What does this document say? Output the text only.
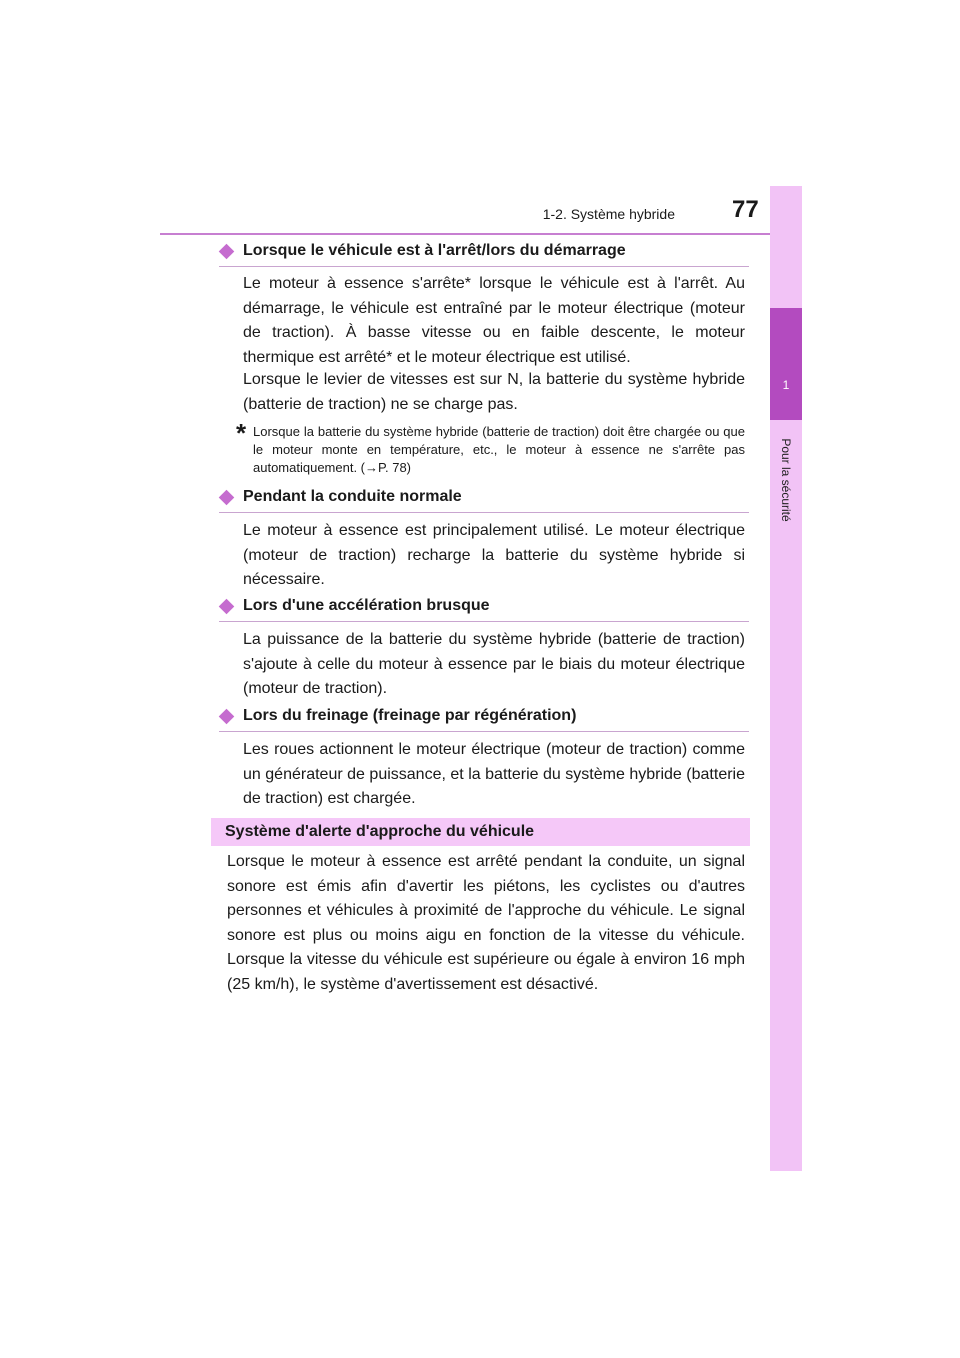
1-2. Système hybride 77
1
Pour la sécurité
Lorsque le véhicule est à l'arrêt/lors du démarrage
Le moteur à essence s'arrête* lorsque le véhicule est à l'arrêt. Au démarrage, le véhicule est entraîné par le moteur électrique (moteur de traction). À basse vitesse ou en faible descente, le moteur thermique est arrêté* et le moteur électrique est utilisé.
Lorsque le levier de vitesses est sur N, la batterie du système hybride (batterie de traction) ne se charge pas.
* Lorsque la batterie du système hybride (batterie de traction) doit être chargée ou que le moteur monte en température, etc., le moteur à essence ne s'arrête pas automatiquement. (→P. 78)
Pendant la conduite normale
Le moteur à essence est principalement utilisé. Le moteur électrique (moteur de traction) recharge la batterie du système hybride si nécessaire.
Lors d'une accélération brusque
La puissance de la batterie du système hybride (batterie de traction) s'ajoute à celle du moteur à essence par le biais du moteur électrique (moteur de traction).
Lors du freinage (freinage par régénération)
Les roues actionnent le moteur électrique (moteur de traction) comme un générateur de puissance, et la batterie du système hybride (batterie de traction) est chargée.
Système d'alerte d'approche du véhicule
Lorsque le moteur à essence est arrêté pendant la conduite, un signal sonore est émis afin d'avertir les piétons, les cyclistes ou d'autres personnes et véhicules à proximité de l'approche du véhicule. Le signal sonore est plus ou moins aigu en fonction de la vitesse du véhicule. Lorsque la vitesse du véhicule est supérieure ou égale à environ 16 mph (25 km/h), le système d'avertissement est désactivé.
